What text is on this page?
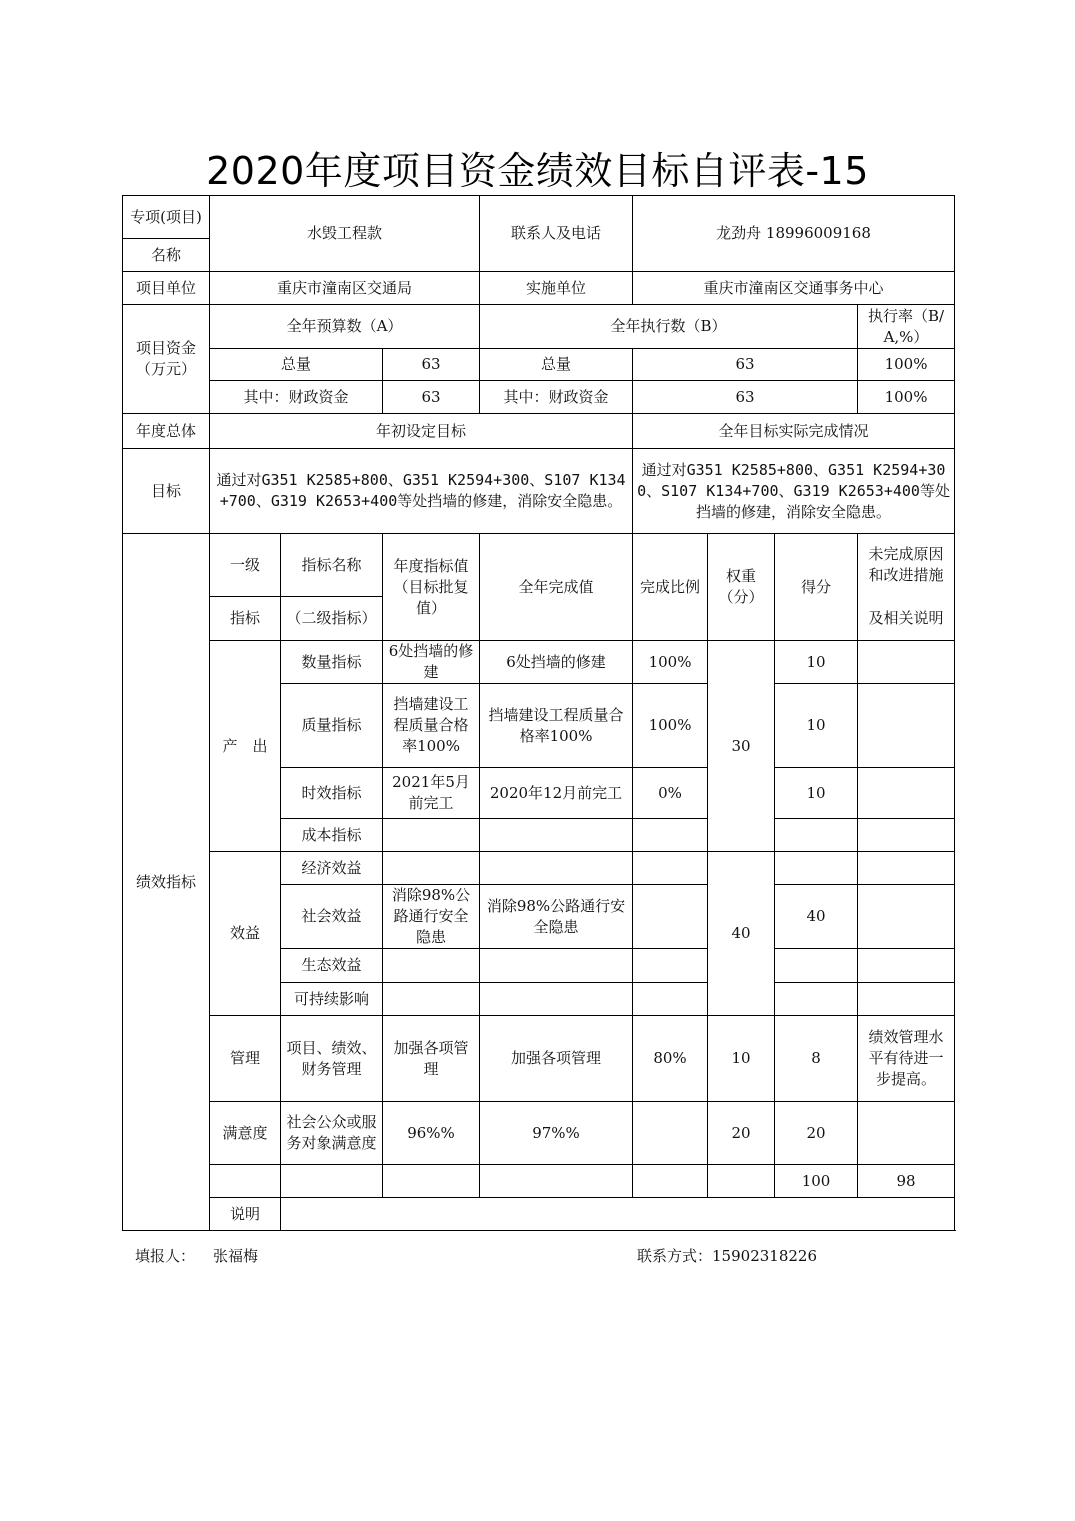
2020年度项目资金绩效目标自评表-15
专项(项目)	水毁工程款			联系人及电话	龙劲舟 18996009168				
名称									
项目单位	重庆市潼南区交通局			实施单位	重庆市潼南区交通事务中心				
项目资金（万元）	全年预算数（A）			全年执行数（B）				执行率（B/A,%）	
	总量		63	总量	63			100%	
	其中：财政资金		63	其中：财政资金	63			100%	
年度总体	年初设定目标				全年目标实际完成情况				
目标	通过对G351 K2585+800、G351 K2594+300、S107 K134+700、G319 K2653+400等处挡墙的修建，消除安全隐患。				通过对G351 K2585+800、G351 K2594+300、S107 K134+700、G319 K2653+400等处挡墙的修建，消除安全隐患。				
绩效指标	一级	指标名称	年度指标值（目标批复值）	全年完成值	完成比例	权重（分）	得分	未完成原因和改进措施	
	指标	（二级指标）						及相关说明	
	产　出	数量指标	6处挡墙的修建	6处挡墙的修建	100%	30	10		
		质量指标	挡墙建设工程质量合格率100%	挡墙建设工程质量合格率100%	100%		10		
		时效指标	2021年5月前完工	2020年12月前完工	0%		10		
		成本指标							
	效益	经济效益				40			
		社会效益	消除98%公路通行安全隐患	消除98%公路通行安全隐患			40		
		生态效益							
		可持续影响							
	管理	项目、绩效、财务管理	加强各项管理	加强各项管理	80%	10	8	绩效管理水平有待进一步提高。	
	满意度	社会公众或服务对象满意度	96%%	97%%		20	20		
							100	98	
	说明								
填报人： 张福梅	联系方式：15902318226
